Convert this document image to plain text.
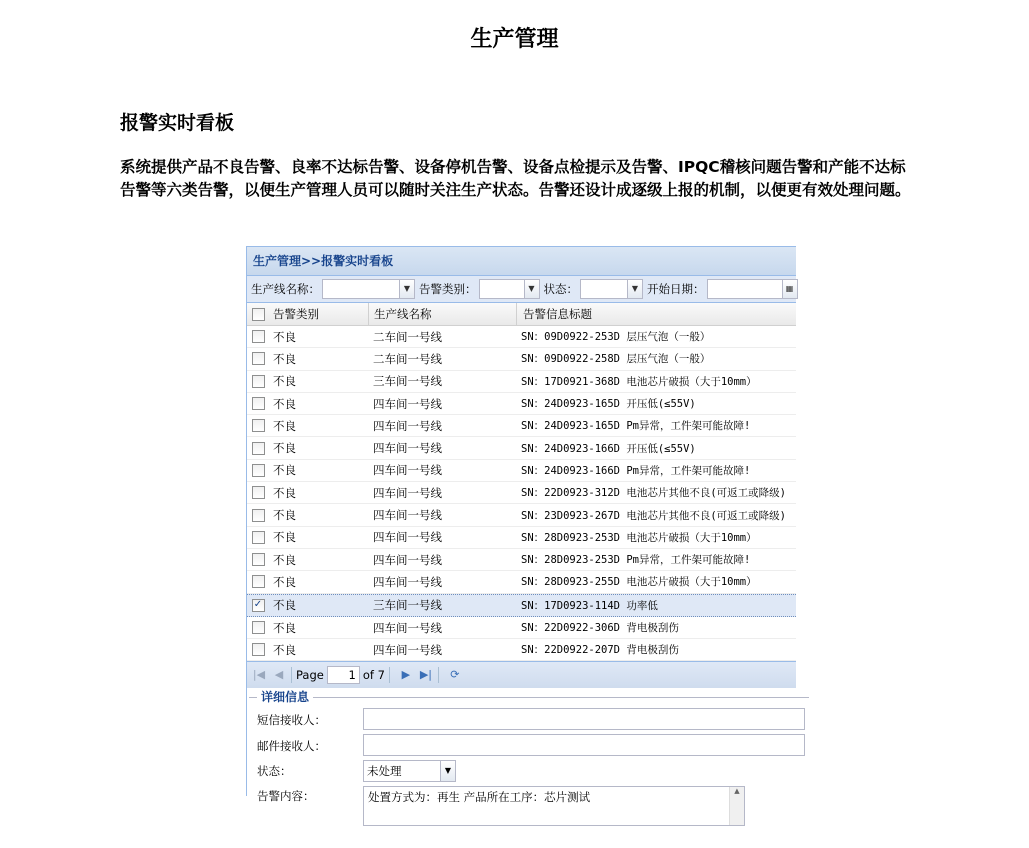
生产管理
报警实时看板
系统提供产品不良告警、良率不达标告警、设备停机告警、设备点检提示及告警、IPQC稽核问题告警和产能不达标告警等六类告警，以便生产管理人员可以随时关注生产状态。告警还设计成逐级上报的机制，以便更有效处理问题。
生产管理>>报警实时看板
生产线名称：	▼ 告警类别：	▼ 状态：	▼ 开始日期：	▦
告警类别	生产线名称	告警信息标题
不良	二车间一号线	SN：09D0922-253D 层压气泡（一般）
不良	二车间一号线	SN：09D0922-258D 层压气泡（一般）
不良	三车间一号线	SN：17D0921-368D 电池芯片破损（大于10mm）
不良	四车间一号线	SN：24D0923-165D 开压低(≤55V)
不良	四车间一号线	SN：24D0923-165D Pm异常，工件架可能故障!
不良	四车间一号线	SN：24D0923-166D 开压低(≤55V)
不良	四车间一号线	SN：24D0923-166D Pm异常，工件架可能故障!
不良	四车间一号线	SN：22D0923-312D 电池芯片其他不良(可返工或降级)
不良	四车间一号线	SN：23D0923-267D 电池芯片其他不良(可返工或降级)
不良	四车间一号线	SN：28D0923-253D 电池芯片破损（大于10mm）
不良	四车间一号线	SN：28D0923-253D Pm异常，工件架可能故障!
不良	四车间一号线	SN：28D0923-255D 电池芯片破损（大于10mm）
✓ 不良	三车间一号线	SN：17D0923-114D 功率低
不良	四车间一号线	SN：22D0922-306D 背电极刮伤
不良	四车间一号线	SN：22D0922-207D 背电极刮伤
|◀ ◀	Page	1 of 7	▶ ▶|	⟳
详细信息
短信接收人：
邮件接收人：
状态：	未处理	▼
告警内容：	处置方式为：再生 产品所在工序：芯片测试	▲
